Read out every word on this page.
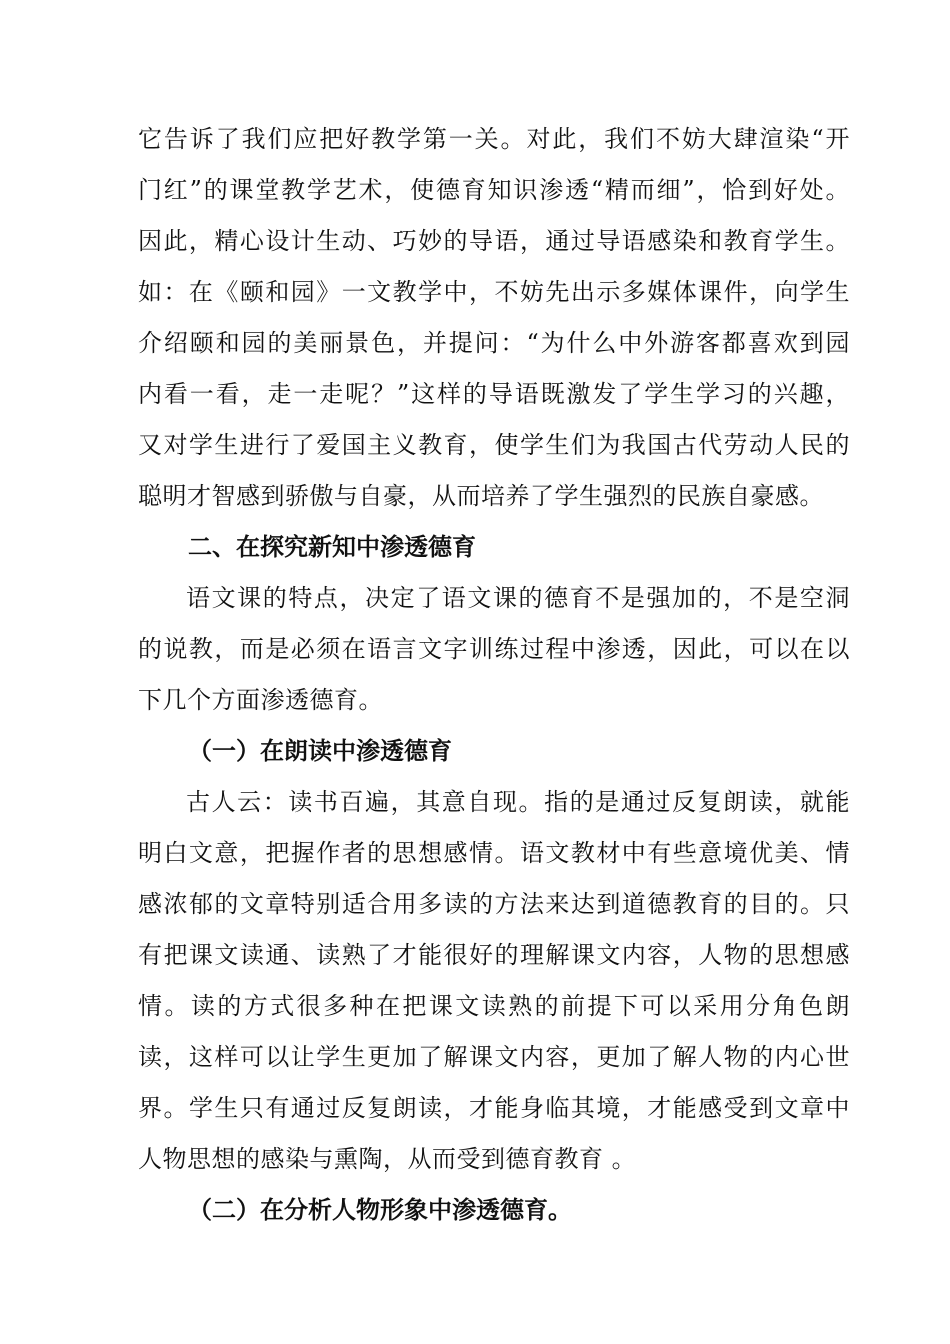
它告诉了我们应把好教学第一关。对此，我们不妨大肆渲染“开
门红”的课堂教学艺术，使德育知识渗透“精而细”，恰到好处。
因此，精心设计生动、巧妙的导语，通过导语感染和教育学生。
如：在《颐和园》一文教学中，不妨先出示多媒体课件，向学生
介绍颐和园的美丽景色，并提问：“为什么中外游客都喜欢到园
内看一看，走一走呢？”这样的导语既激发了学生学习的兴趣，
又对学生进行了爱国主义教育，使学生们为我国古代劳动人民的
聪明才智感到骄傲与自豪，从而培养了学生强烈的民族自豪感。
二、在探究新知中渗透德育
语文课的特点，决定了语文课的德育不是强加的，不是空洞
的说教，而是必须在语言文字训练过程中渗透，因此，可以在以
下几个方面渗透德育。
（一）在朗读中渗透德育
古人云：读书百遍，其意自现。指的是通过反复朗读，就能
明白文意，把握作者的思想感情。语文教材中有些意境优美、情
感浓郁的文章特别适合用多读的方法来达到道德教育的目的。只
有把课文读通、读熟了才能很好的理解课文内容，人物的思想感
情。读的方式很多种在把课文读熟的前提下可以采用分角色朗
读，这样可以让学生更加了解课文内容，更加了解人物的内心世
界。学生只有通过反复朗读，才能身临其境，才能感受到文章中
人物思想的感染与熏陶，从而受到德育教育 。
（二）在分析人物形象中渗透德育。
